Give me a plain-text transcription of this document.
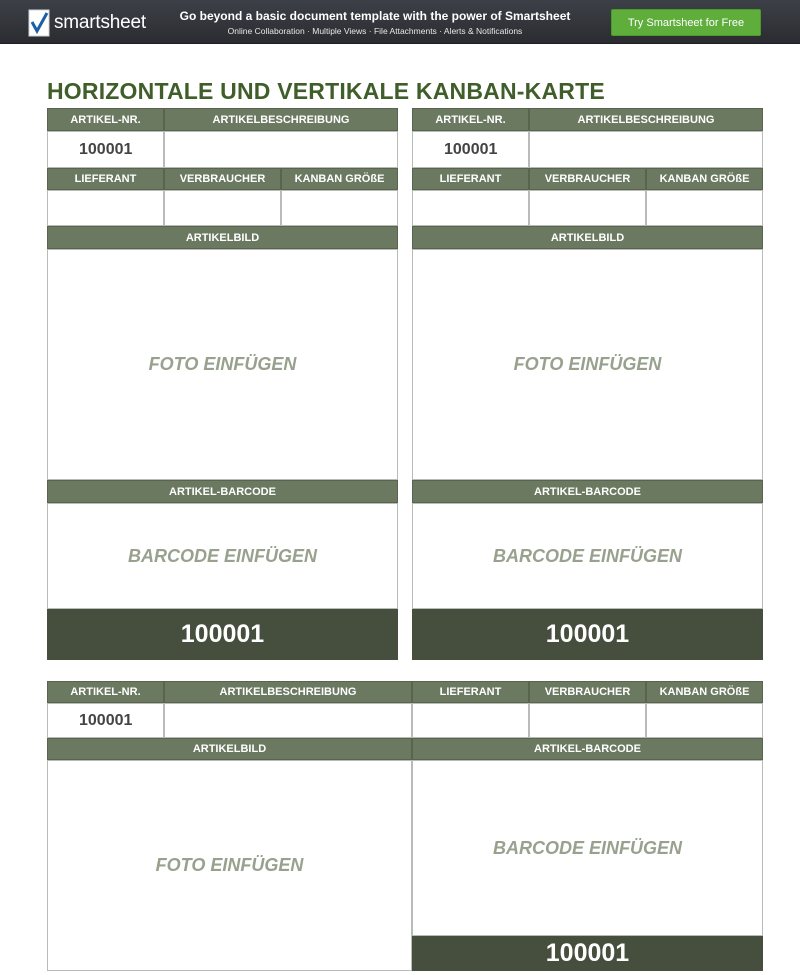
smartsheet	Go beyond a basic document template with the power of Smartsheet
Online Collaboration · Multiple Views · File Attachments · Alerts & Notifications
Try Smartsheet for Free
HORIZONTALE UND VERTIKALE KANBAN-KARTE
ARTIKEL-NR.	ARTIKELBESCHREIBUNG
100001
LIEFERANT	VERBRAUCHER	KANBAN GRÖßE
ARTIKELBILD
FOTO EINFÜGEN
ARTIKEL-BARCODE
BARCODE EINFÜGEN
100001
ARTIKEL-NR.	ARTIKELBESCHREIBUNG
100001
LIEFERANT	VERBRAUCHER	KANBAN GRÖßE
ARTIKELBILD
FOTO EINFÜGEN
ARTIKEL-BARCODE
BARCODE EINFÜGEN
100001
ARTIKEL-NR.	ARTIKELBESCHREIBUNG	LIEFERANT	VERBRAUCHER	KANBAN GRÖßE
100001
ARTIKELBILD	ARTIKEL-BARCODE
FOTO EINFÜGEN
BARCODE EINFÜGEN
100001
